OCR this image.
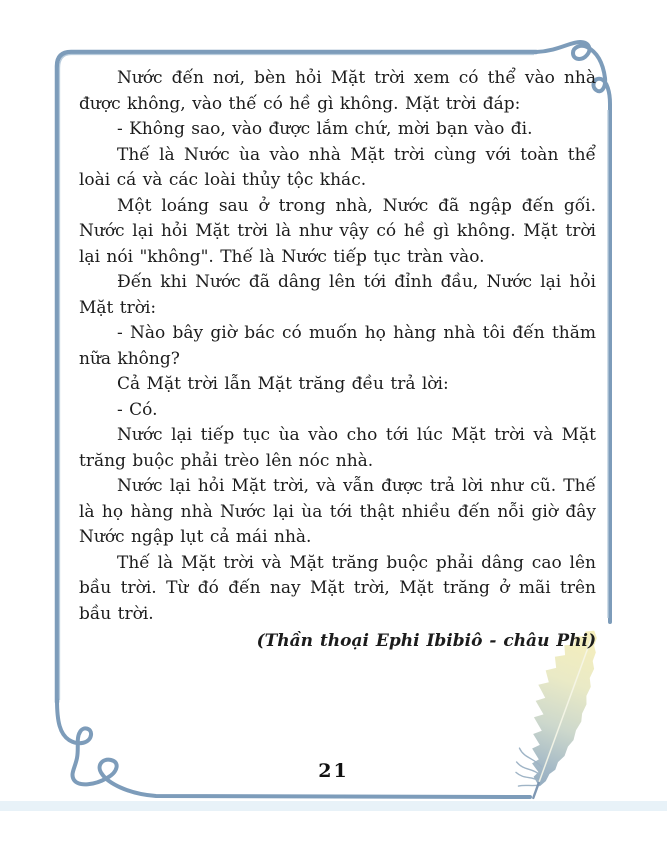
Nước đến nơi, bèn hỏi Mặt trời xem có thể vào nhà được không, vào thế có hề gì không. Mặt trời đáp:

- Không sao, vào được lắm chứ, mời bạn vào đi.

Thế là Nước ùa vào nhà Mặt trời cùng với toàn thể loài cá và các loài thủy tộc khác.

Một loáng sau ở trong nhà, Nước đã ngập đến gối. Nước lại hỏi Mặt trời là như vậy có hề gì không. Mặt trời lại nói "không". Thế là Nước tiếp tục tràn vào.

Đến khi Nước đã dâng lên tới đỉnh đầu, Nước lại hỏi Mặt trời:

- Nào bây giờ bác có muốn họ hàng nhà tôi đến thăm nữa không?

Cả Mặt trời lẫn Mặt trăng đều trả lời:

- Có.

Nước lại tiếp tục ùa vào cho tới lúc Mặt trời và Mặt trăng buộc phải trèo lên nóc nhà.

Nước lại hỏi Mặt trời, và vẫn được trả lời như cũ. Thế là họ hàng nhà Nước lại ùa tới thật nhiều đến nỗi giờ đây Nước ngập lụt cả mái nhà.

Thế là Mặt trời và Mặt trăng buộc phải dâng cao lên bầu trời. Từ đó đến nay Mặt trời, Mặt trăng ở mãi trên bầu trời.

(Thần thoại Ephi Ibibiô - châu Phi)

21
